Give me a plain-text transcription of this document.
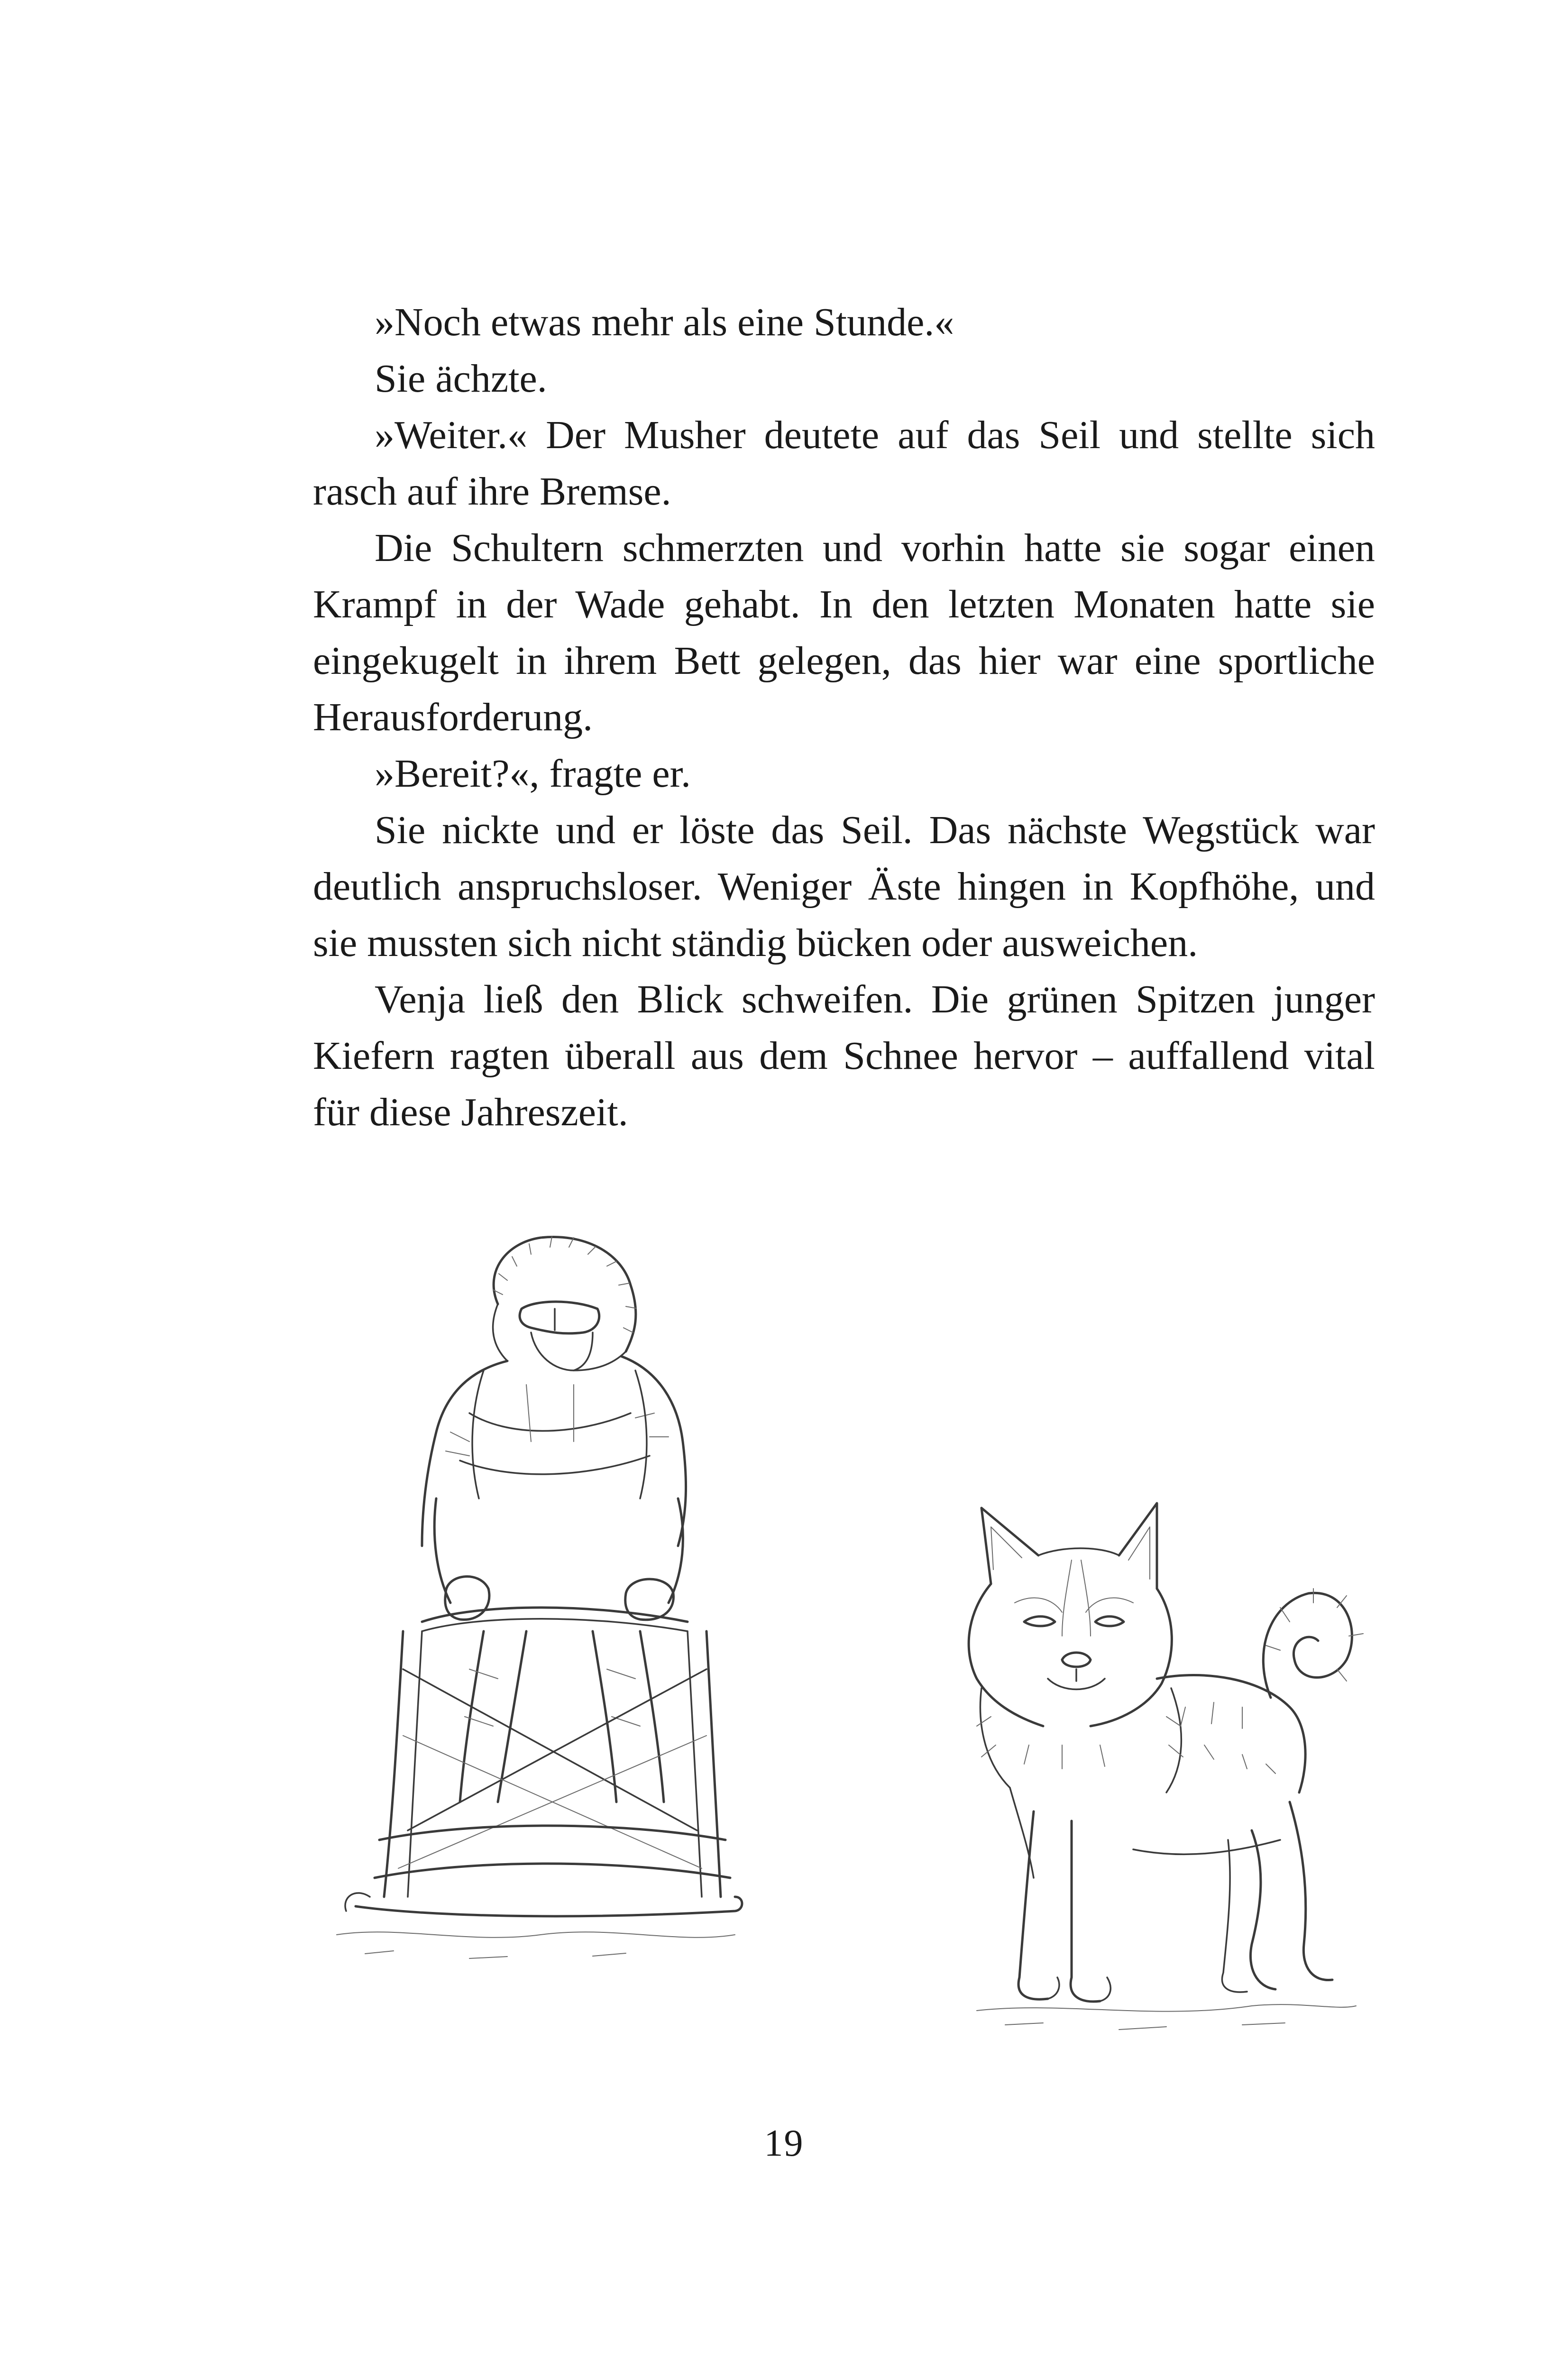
»Noch etwas mehr als eine Stunde.«

Sie ächzte.

»Weiter.« Der Musher deutete auf das Seil und stellte sich rasch auf ihre Bremse.

Die Schultern schmerzten und vorhin hatte sie sogar einen Krampf in der Wade gehabt. In den letzten Monaten hatte sie eingekugelt in ihrem Bett gelegen, das hier war eine sportliche Herausforderung.

»Bereit?«, fragte er.

Sie nickte und er löste das Seil. Das nächste Wegstück war deutlich anspruchsloser. Weniger Äste hingen in Kopfhöhe, und sie mussten sich nicht ständig bücken oder ausweichen.

Venja ließ den Blick schweifen. Die grünen Spitzen junger Kiefern ragten überall aus dem Schnee hervor – auffallend vital für diese Jahreszeit.

19
